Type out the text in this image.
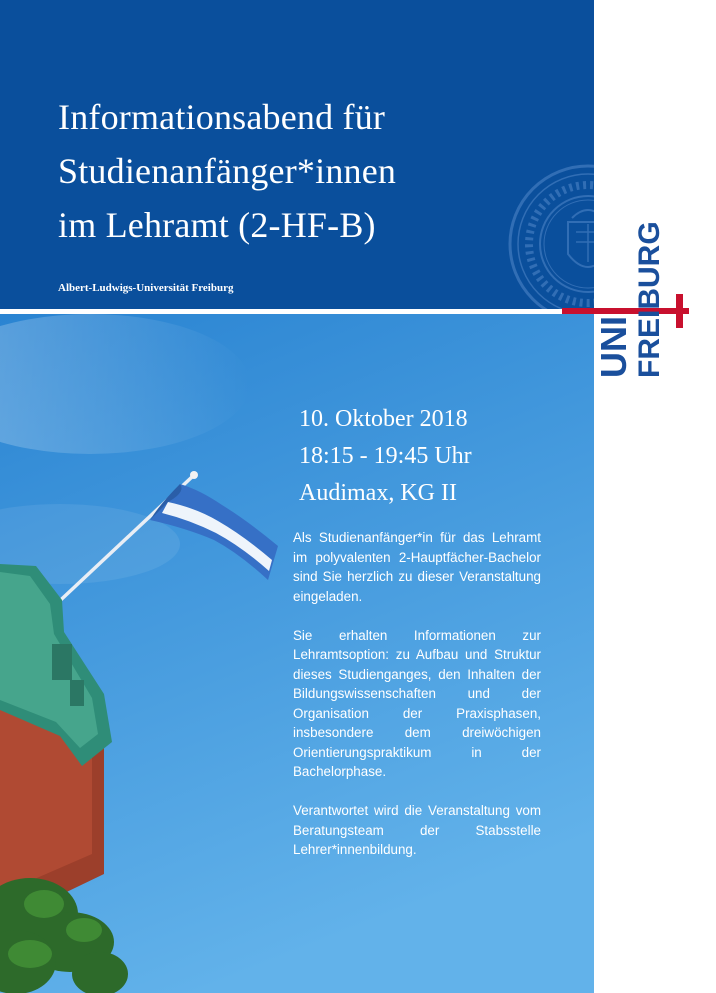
Informationsabend für
Studienanfänger*innen
im Lehramt (2-HF-B)
Albert-Ludwigs-Universität Freiburg
UNI FREIBURG
10. Oktober 2018
18:15 - 19:45 Uhr
Audimax, KG II

Als Studienanfänger*in für das Lehramt im polyvalenten 2-Hauptfächer-Bachelor sind Sie herzlich zu dieser Veranstaltung eingeladen.

Sie erhalten Informationen zur Lehramtsoption: zu Aufbau und Struktur dieses Studienganges, den Inhalten der Bildungswissenschaften und der Organisation der Praxisphasen, insbesondere dem dreiwöchigen Orientierungspraktikum in der Bachelorphase.

Verantwortet wird die Veranstaltung vom Beratungsteam der Stabsstelle Lehrer*innenbildung.
